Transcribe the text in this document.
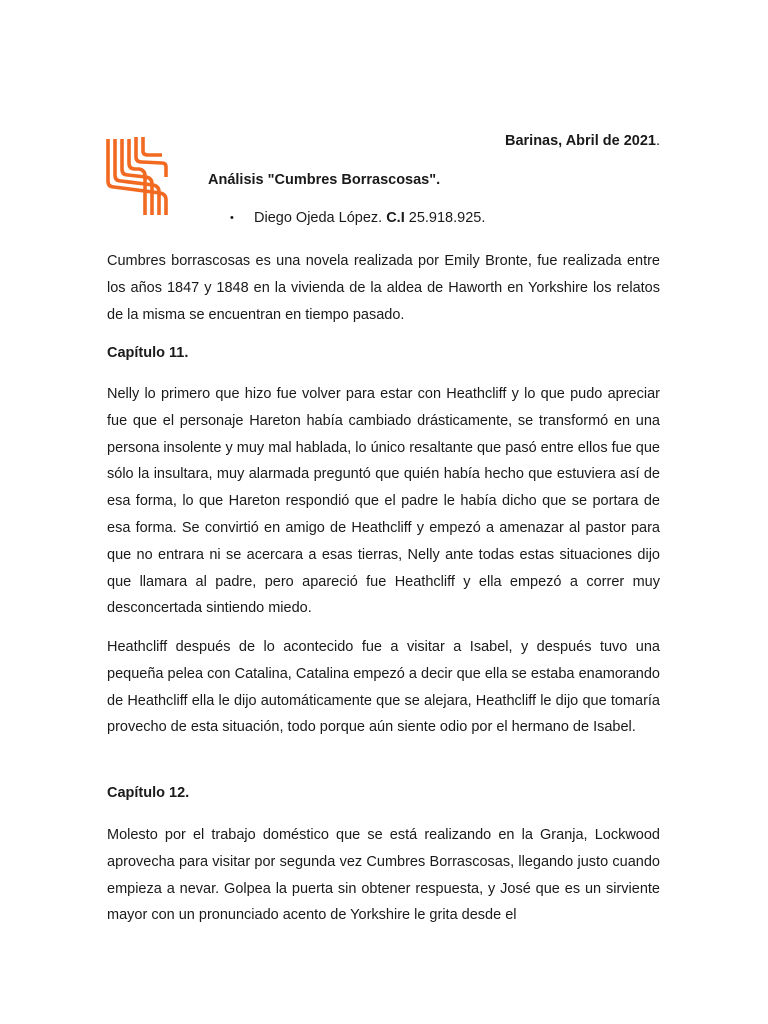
Barinas, Abril de 2021.
Análisis "Cumbres Borrascosas".
• Diego Ojeda López. C.I 25.918.925.

Cumbres borrascosas es una novela realizada por Emily Bronte, fue realizada entre los años 1847 y 1848 en la vivienda de la aldea de Haworth en Yorkshire los relatos de la misma se encuentran en tiempo pasado.

Capítulo 11.

Nelly lo primero que hizo fue volver para estar con Heathcliff y lo que pudo apreciar fue que el personaje Hareton había cambiado drásticamente, se transformó en una persona insolente y muy mal hablada, lo único resaltante que pasó entre ellos fue que sólo la insultara, muy alarmada preguntó que quién había hecho que estuviera así de esa forma, lo que Hareton respondió que el padre le había dicho que se portara de esa forma. Se convirtió en amigo de Heathcliff y empezó a amenazar al pastor para que no entrara ni se acercara a esas tierras, Nelly ante todas estas situaciones dijo que llamara al padre, pero apareció fue Heathcliff y ella empezó a correr muy desconcertada sintiendo miedo.

Heathcliff después de lo acontecido fue a visitar a Isabel, y después tuvo una pequeña pelea con Catalina, Catalina empezó a decir que ella se estaba enamorando de Heathcliff ella le dijo automáticamente que se alejara, Heathcliff le dijo que tomaría provecho de esta situación, todo porque aún siente odio por el hermano de Isabel.

Capítulo 12.

Molesto por el trabajo doméstico que se está realizando en la Granja, Lockwood aprovecha para visitar por segunda vez Cumbres Borrascosas, llegando justo cuando empieza a nevar. Golpea la puerta sin obtener respuesta, y José que es un sirviente mayor con un pronunciado acento de Yorkshire le grita desde el
